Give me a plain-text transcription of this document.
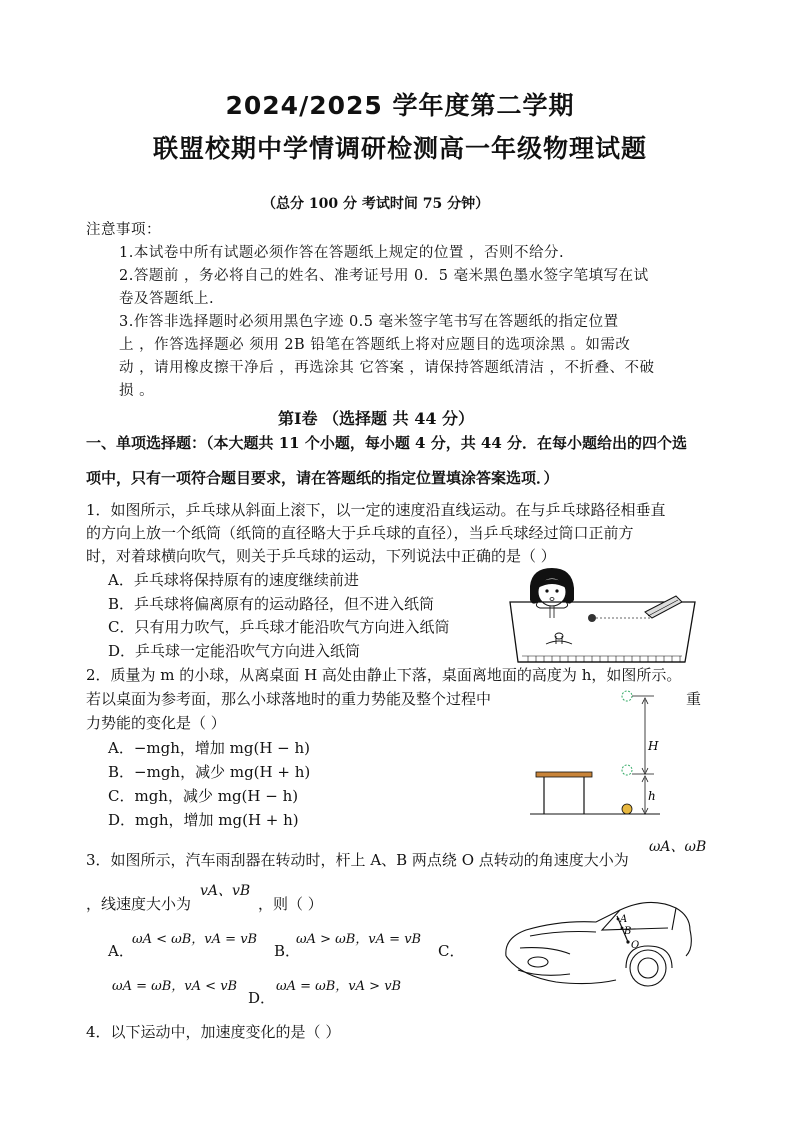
2024/2025 学年度第二学期
联盟校期中学情调研检测高一年级物理试题
（总分 100 分 考试时间 75 分钟）
注意事项：
1.本试卷中所有试题必须作答在答题纸上规定的位置 ，否则不给分.
2.答题前 ，务必将自己的姓名、准考证号用 0．5 毫米黑色墨水签字笔填写在试
卷及答题纸上.
3.作答非选择题时必须用黑色字迹 0.5 毫米签字笔书写在答题纸的指定位置
上 ，作答选择题必 须用 2B 铅笔在答题纸上将对应题目的选项涂黑 。如需改
动 ，请用橡皮擦干净后 ，再选涂其 它答案 ，请保持答题纸清洁 ，不折叠、不破
损 。
第Ⅰ卷 （选择题 共 44 分）
一、单项选择题：（本大题共 11 个小题，每小题 4 分，共 44 分．在每小题给出的四个选
项中，只有一项符合题目要求，请在答题纸的指定位置填涂答案选项．）
1．如图所示，乒乓球从斜面上滚下，以一定的速度沿直线运动。在与乒乓球路径相垂直
的方向上放一个纸筒（纸筒的直径略大于乒乓球的直径），当乒乓球经过筒口正前方
时，对着球横向吹气，则关于乒乓球的运动，下列说法中正确的是（ ）
A．乒乓球将保持原有的速度继续前进
B．乒乓球将偏离原有的运动路径，但不进入纸筒
C．只有用力吹气，乒乓球才能沿吹气方向进入纸筒
D．乒乓球一定能沿吹气方向进入纸筒
2．质量为 m 的小球，从离桌面 H 高处由静止下落，桌面离地面的高度为 h，如图所示。
若以桌面为参考面，那么小球落地时的重力势能及整个过程中	重
力势能的变化是（ ）
A．−mgh，增加 mg(H − h)
B．−mgh，减少 mg(H + h)
C．mgh，减少 mg(H − h)
D．mgh，增加 mg(H + h)
H
h
3．如图所示，汽车雨刮器在转动时，杆上 A、B 两点绕 O 点转动的角速度大小为
ωA、ωB
，线速度大小为
vA、vB
，则（ ）
A．
ωA < ωB，vA = vB
B．
ωA > ωB，vA = vB
C．
ωA = ωB，vA < vB
D．
ωA = ωB，vA > vB
A
B
O
4．以下运动中，加速度变化的是（ ）
